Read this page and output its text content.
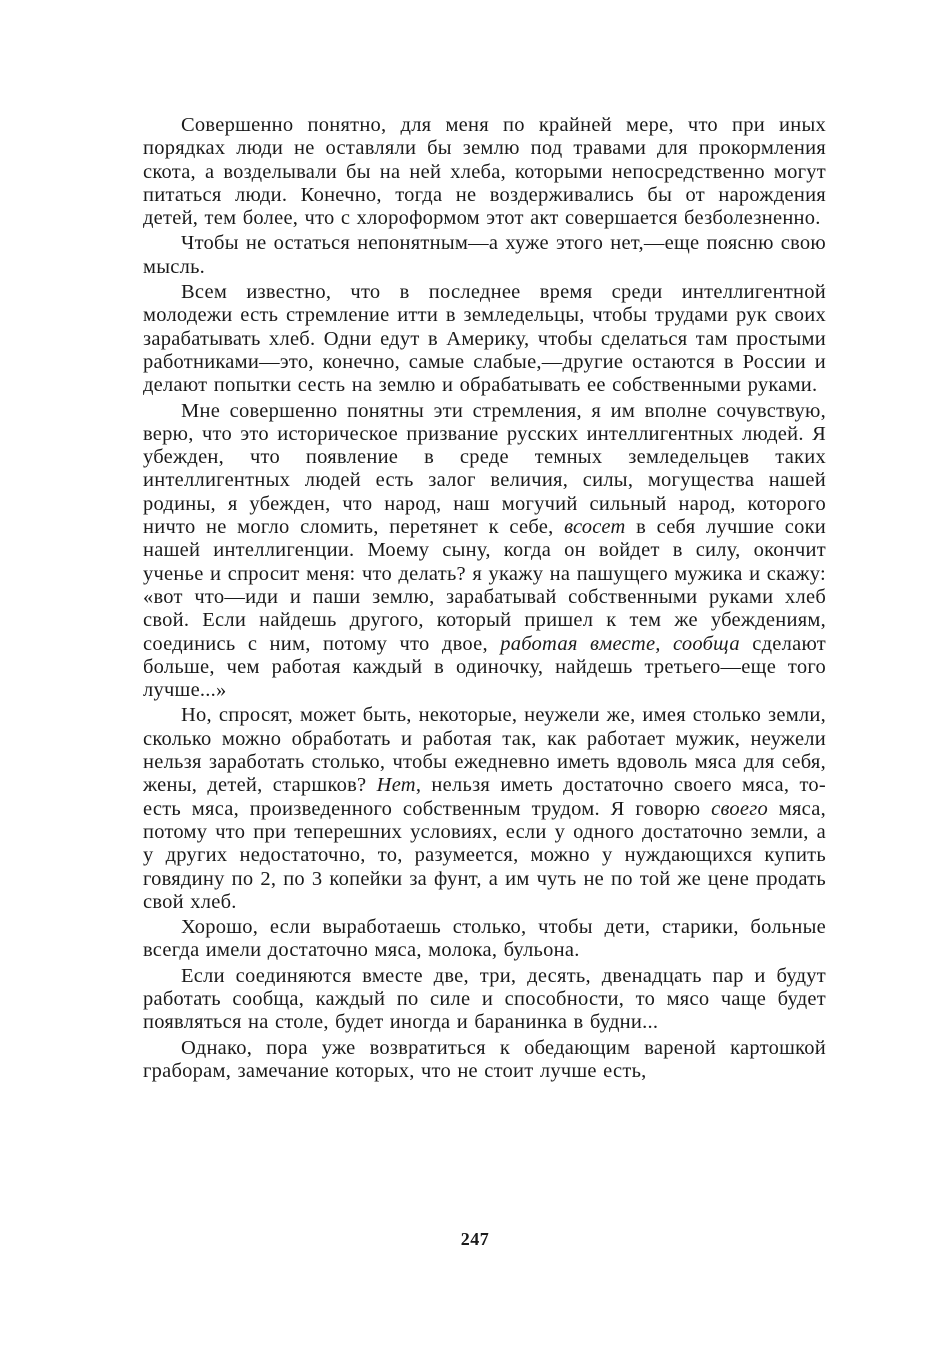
Совершенно понятно, для меня по крайней мере, что при иных порядках люди не оставляли бы землю под травами для прокормления скота, а возделывали бы на ней хлеба, которыми непосредственно могут питаться люди. Конечно, тогда не воздерживались бы от нарождения детей, тем более, что с хлороформом этот акт совершается безболезненно.

Чтобы не остаться непонятным—а хуже этого нет,—еще поясню свою мысль.

Всем известно, что в последнее время среди интеллигентной молодежи есть стремление итти в земледельцы, чтобы трудами рук своих зарабатывать хлеб. Одни едут в Америку, чтобы сделаться там простыми работниками—это, конечно, самые слабые,—другие остаются в России и делают попытки сесть на землю и обрабатывать ее собственными руками.

Мне совершенно понятны эти стремления, я им вполне сочувствую, верю, что это историческое призвание русских интеллигентных людей. Я убежден, что появление в среде темных земледельцев таких интеллигентных людей есть залог величия, силы, могущества нашей родины, я убежден, что народ, наш могучий сильный народ, которого ничто не могло сломить, перетянет к себе, всосет в себя лучшие соки нашей интеллигенции. Моему сыну, когда он войдет в силу, окончит ученье и спросит меня: что делать? я укажу на пашущего мужика и скажу: «вот что—иди и паши землю, зарабатывай собственными руками хлеб свой. Если найдешь другого, который пришел к тем же убеждениям, соединись с ним, потому что двое, работая вместе, сообща сделают больше, чем работая каждый в одиночку, найдешь третьего—еще того лучше...»

Но, спросят, может быть, некоторые, неужели же, имея столько земли, сколько можно обработать и работая так, как работает мужик, неужели нельзя заработать столько, чтобы ежедневно иметь вдоволь мяса для себя, жены, детей, старшков? Нет, нельзя иметь достаточно своего мяса, то-есть мяса, произведенного собственным трудом. Я говорю своего мяса, потому что при теперешних условиях, если у одного достаточно земли, а у других недостаточно, то, разумеется, можно у нуждающихся купить говядину по 2, по 3 копейки за фунт, а им чуть не по той же цене продать свой хлеб.

Хорошо, если выработаешь столько, чтобы дети, старики, больные всегда имели достаточно мяса, молока, бульона.

Если соединяются вместе две, три, десять, двенадцать пар и будут работать сообща, каждый по силе и способности, то мясо чаще будет появляться на столе, будет иногда и баранинка в будни...

Однако, пора уже возвратиться к обедающим вареной картошкой граборам, замечание которых, что не стоит лучше есть,

247
